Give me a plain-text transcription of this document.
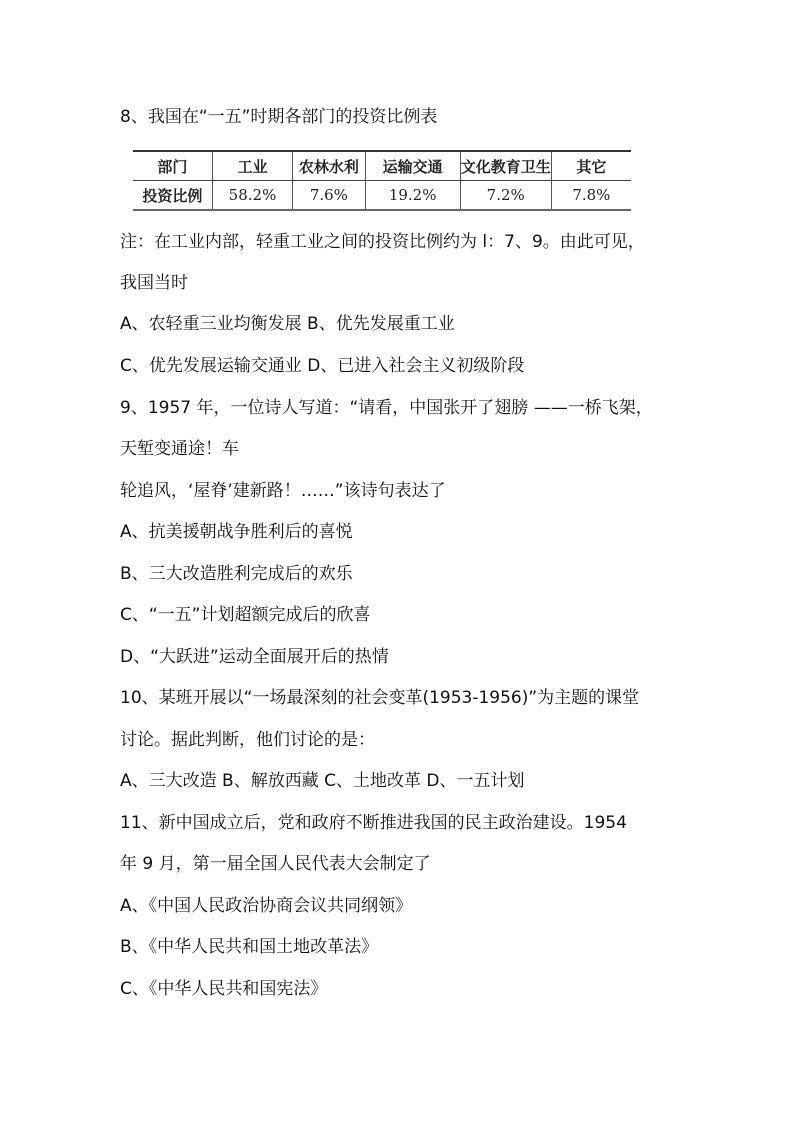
8、我国在“一五”时期各部门的投资比例表
部门	工业	农林水利	运输交通	文化教育卫生	其它
投资比例	58.2%	7.6%	19.2%	7.2%	7.8%
注：在工业内部，轻重工业之间的投资比例约为 l：7、9。由此可见，
我国当时
A、农轻重三业均衡发展 B、优先发展重工业
C、优先发展运输交通业 D、已进入社会主义初级阶段
9、1957 年，一位诗人写道：“请看，中国张开了翅膀 ——一桥飞架，
天堑变通途！车
轮追风，‘屋脊’建新路！……”该诗句表达了
A、抗美援朝战争胜利后的喜悦
B、三大改造胜利完成后的欢乐
C、“一五”计划超额完成后的欣喜
D、“大跃进”运动全面展开后的热情
10、某班开展以“一场最深刻的社会变革(1953-1956)”为主题的课堂
讨论。据此判断，他们讨论的是：
A、三大改造 B、解放西藏 C、土地改革 D、一五计划
11、新中国成立后，党和政府不断推进我国的民主政治建设。1954
年 9 月，第一届全国人民代表大会制定了
A、《中国人民政治协商会议共同纲领》
B、《中华人民共和国土地改革法》
C、《中华人民共和国宪法》
